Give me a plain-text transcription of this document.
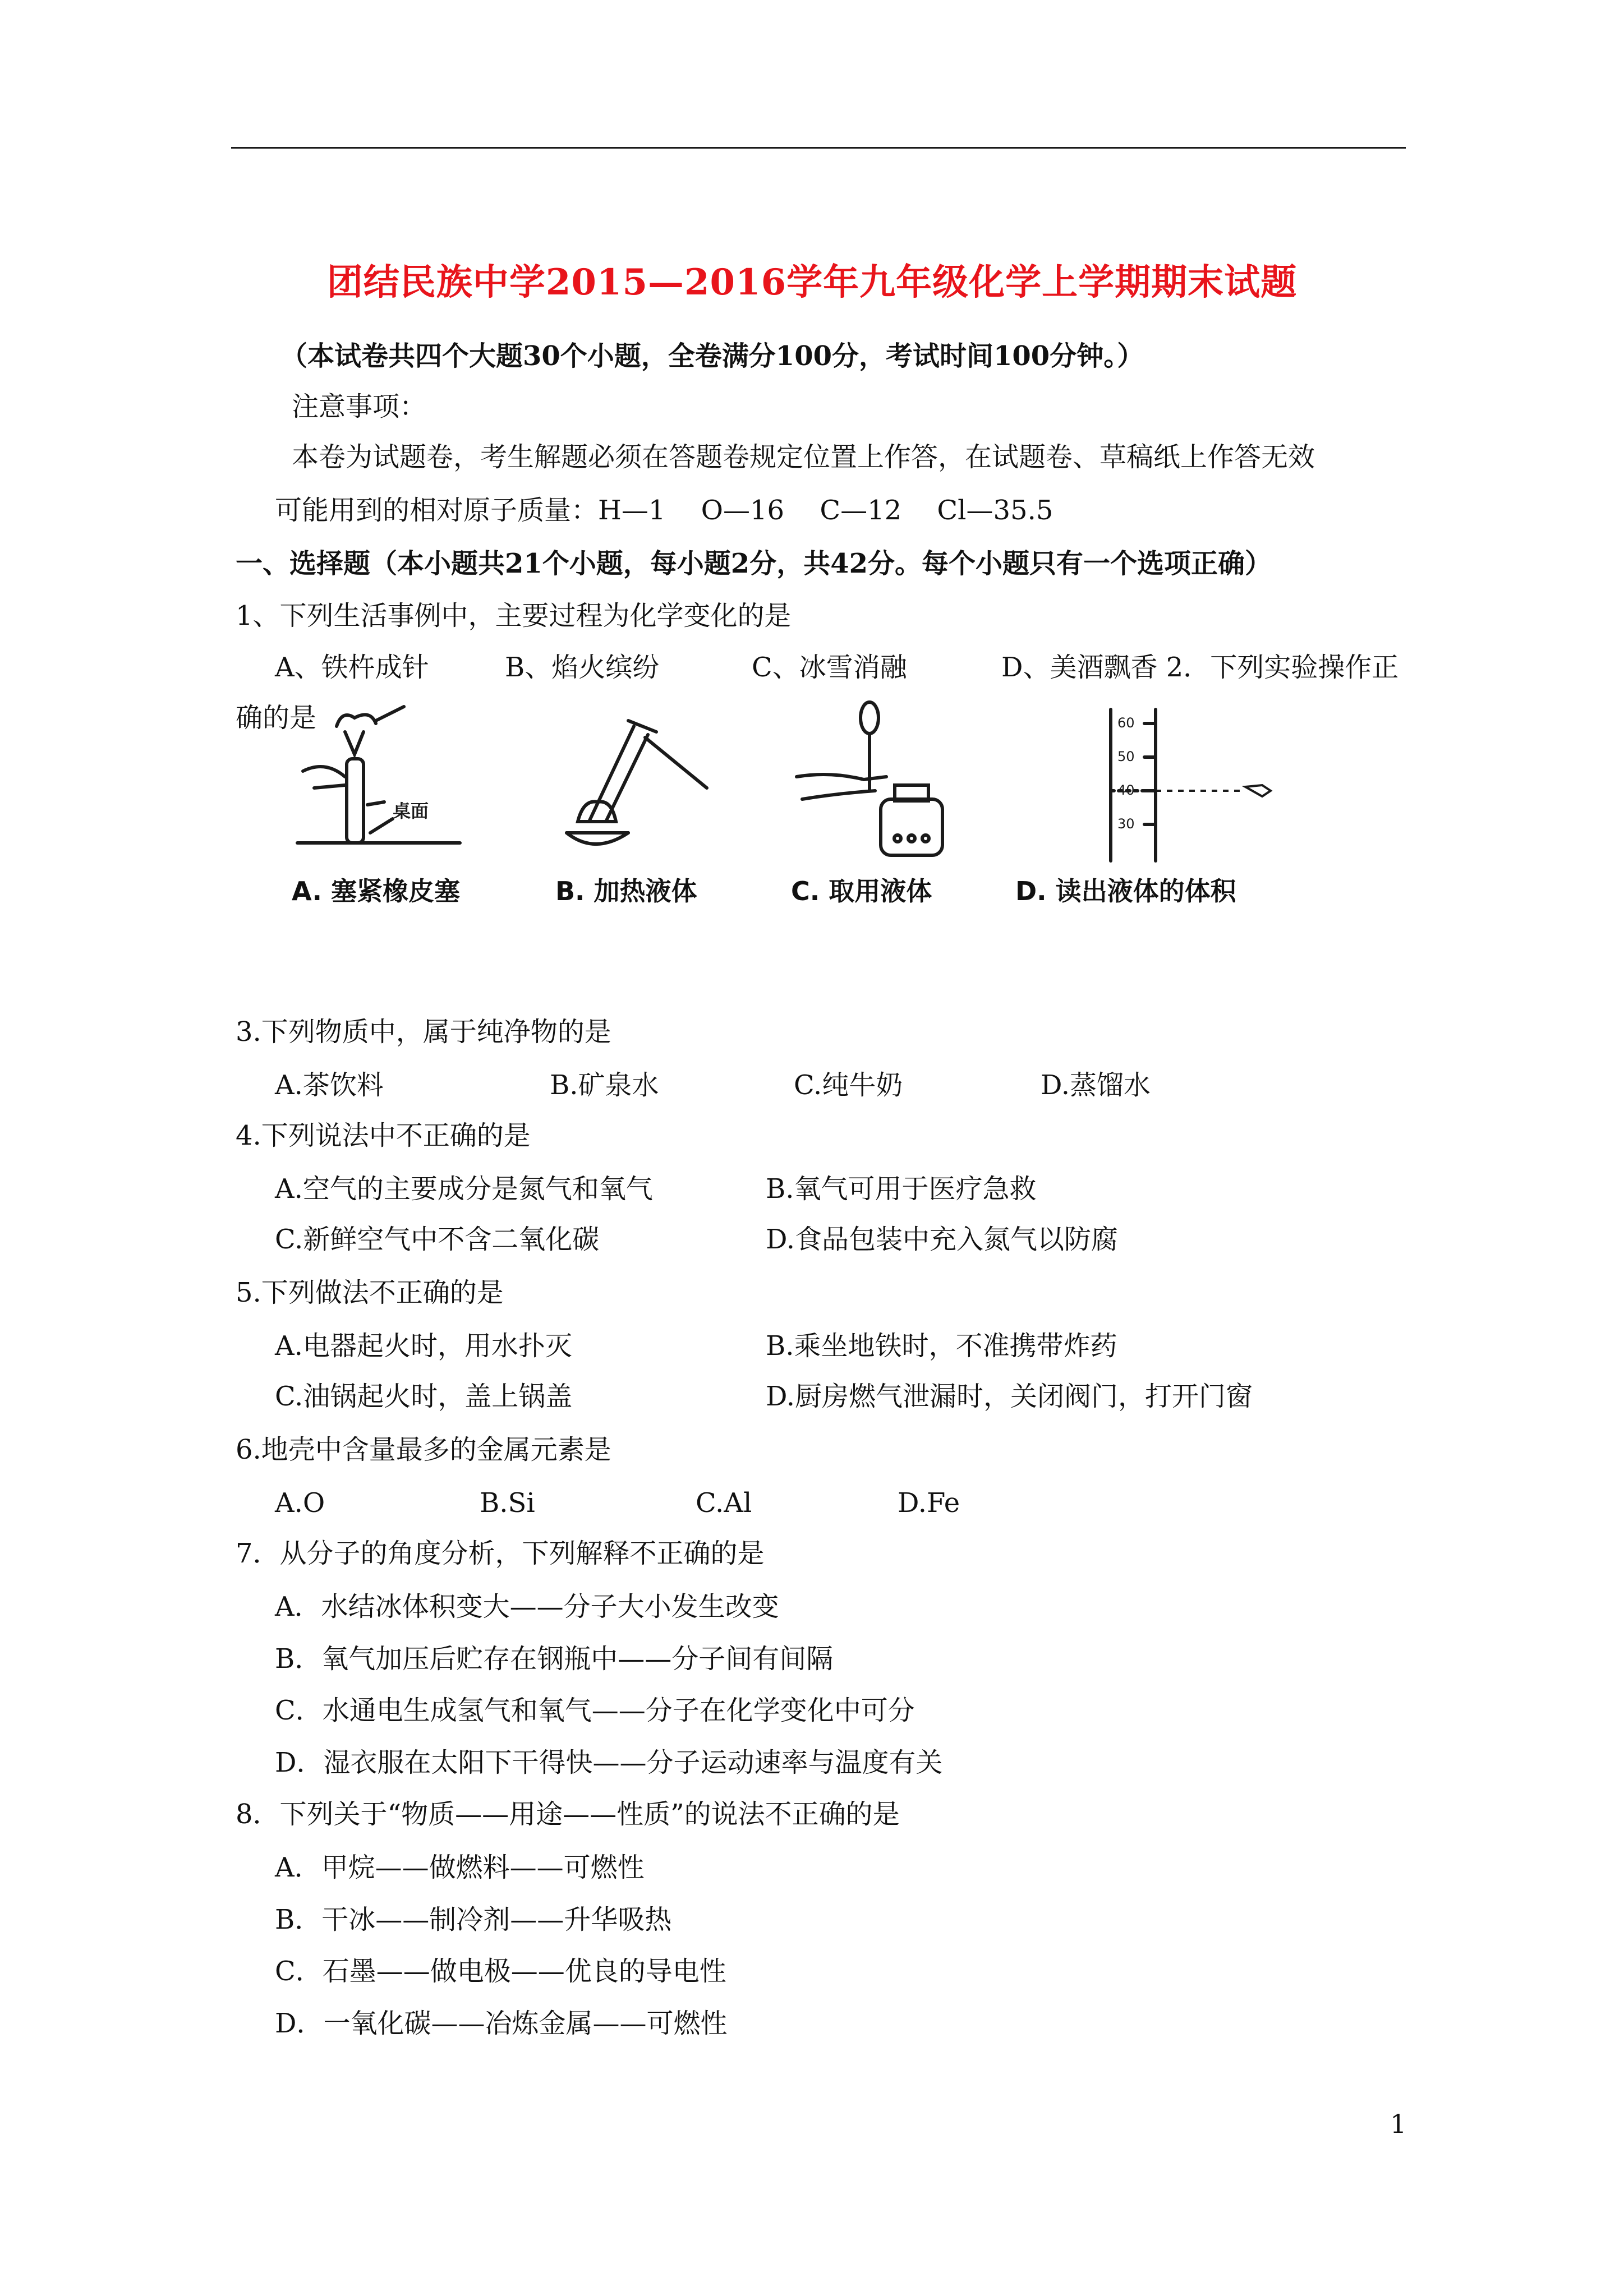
团结民族中学2015—2016学年九年级化学上学期期末试题
（本试卷共四个大题30个小题，全卷满分100分，考试时间100分钟。）
注意事项：
本卷为试题卷，考生解题必须在答题卷规定位置上作答，在试题卷、草稿纸上作答无效
可能用到的相对原子质量：H—1　 O—16　 C—12　 Cl—35.5
一、选择题（本小题共21个小题，每小题2分，共42分。每个小题只有一个选项正确）
1、下列生活事例中，主要过程为化学变化的是
A、铁杵成针	B、焰火缤纷	C、冰雪消融	D、美酒飘香 2．下列实验操作正
确的是
桌面
60
50
40
30
A. 塞紧橡皮塞	B. 加热液体	C. 取用液体	D. 读出液体的体积
3.下列物质中，属于纯净物的是
A.茶饮料	B.矿泉水	C.纯牛奶	D.蒸馏水
4.下列说法中不正确的是
A.空气的主要成分是氮气和氧气	B.氧气可用于医疗急救
C.新鲜空气中不含二氧化碳	D.食品包装中充入氮气以防腐
5.下列做法不正确的是
A.电器起火时，用水扑灭	B.乘坐地铁时，不准携带炸药
C.油锅起火时，盖上锅盖	D.厨房燃气泄漏时，关闭阀门，打开门窗
6.地壳中含量最多的金属元素是
A.O	B.Si	C.Al	D.Fe
7．从分子的角度分析，下列解释不正确的是
A．水结冰体积变大——分子大小发生改变
B．氧气加压后贮存在钢瓶中——分子间有间隔
C．水通电生成氢气和氧气——分子在化学变化中可分
D．湿衣服在太阳下干得快——分子运动速率与温度有关
8．下列关于“物质——用途——性质”的说法不正确的是
A．甲烷——做燃料——可燃性
B．干冰——制冷剂——升华吸热
C．石墨——做电极——优良的导电性
D．一氧化碳——冶炼金属——可燃性
1
